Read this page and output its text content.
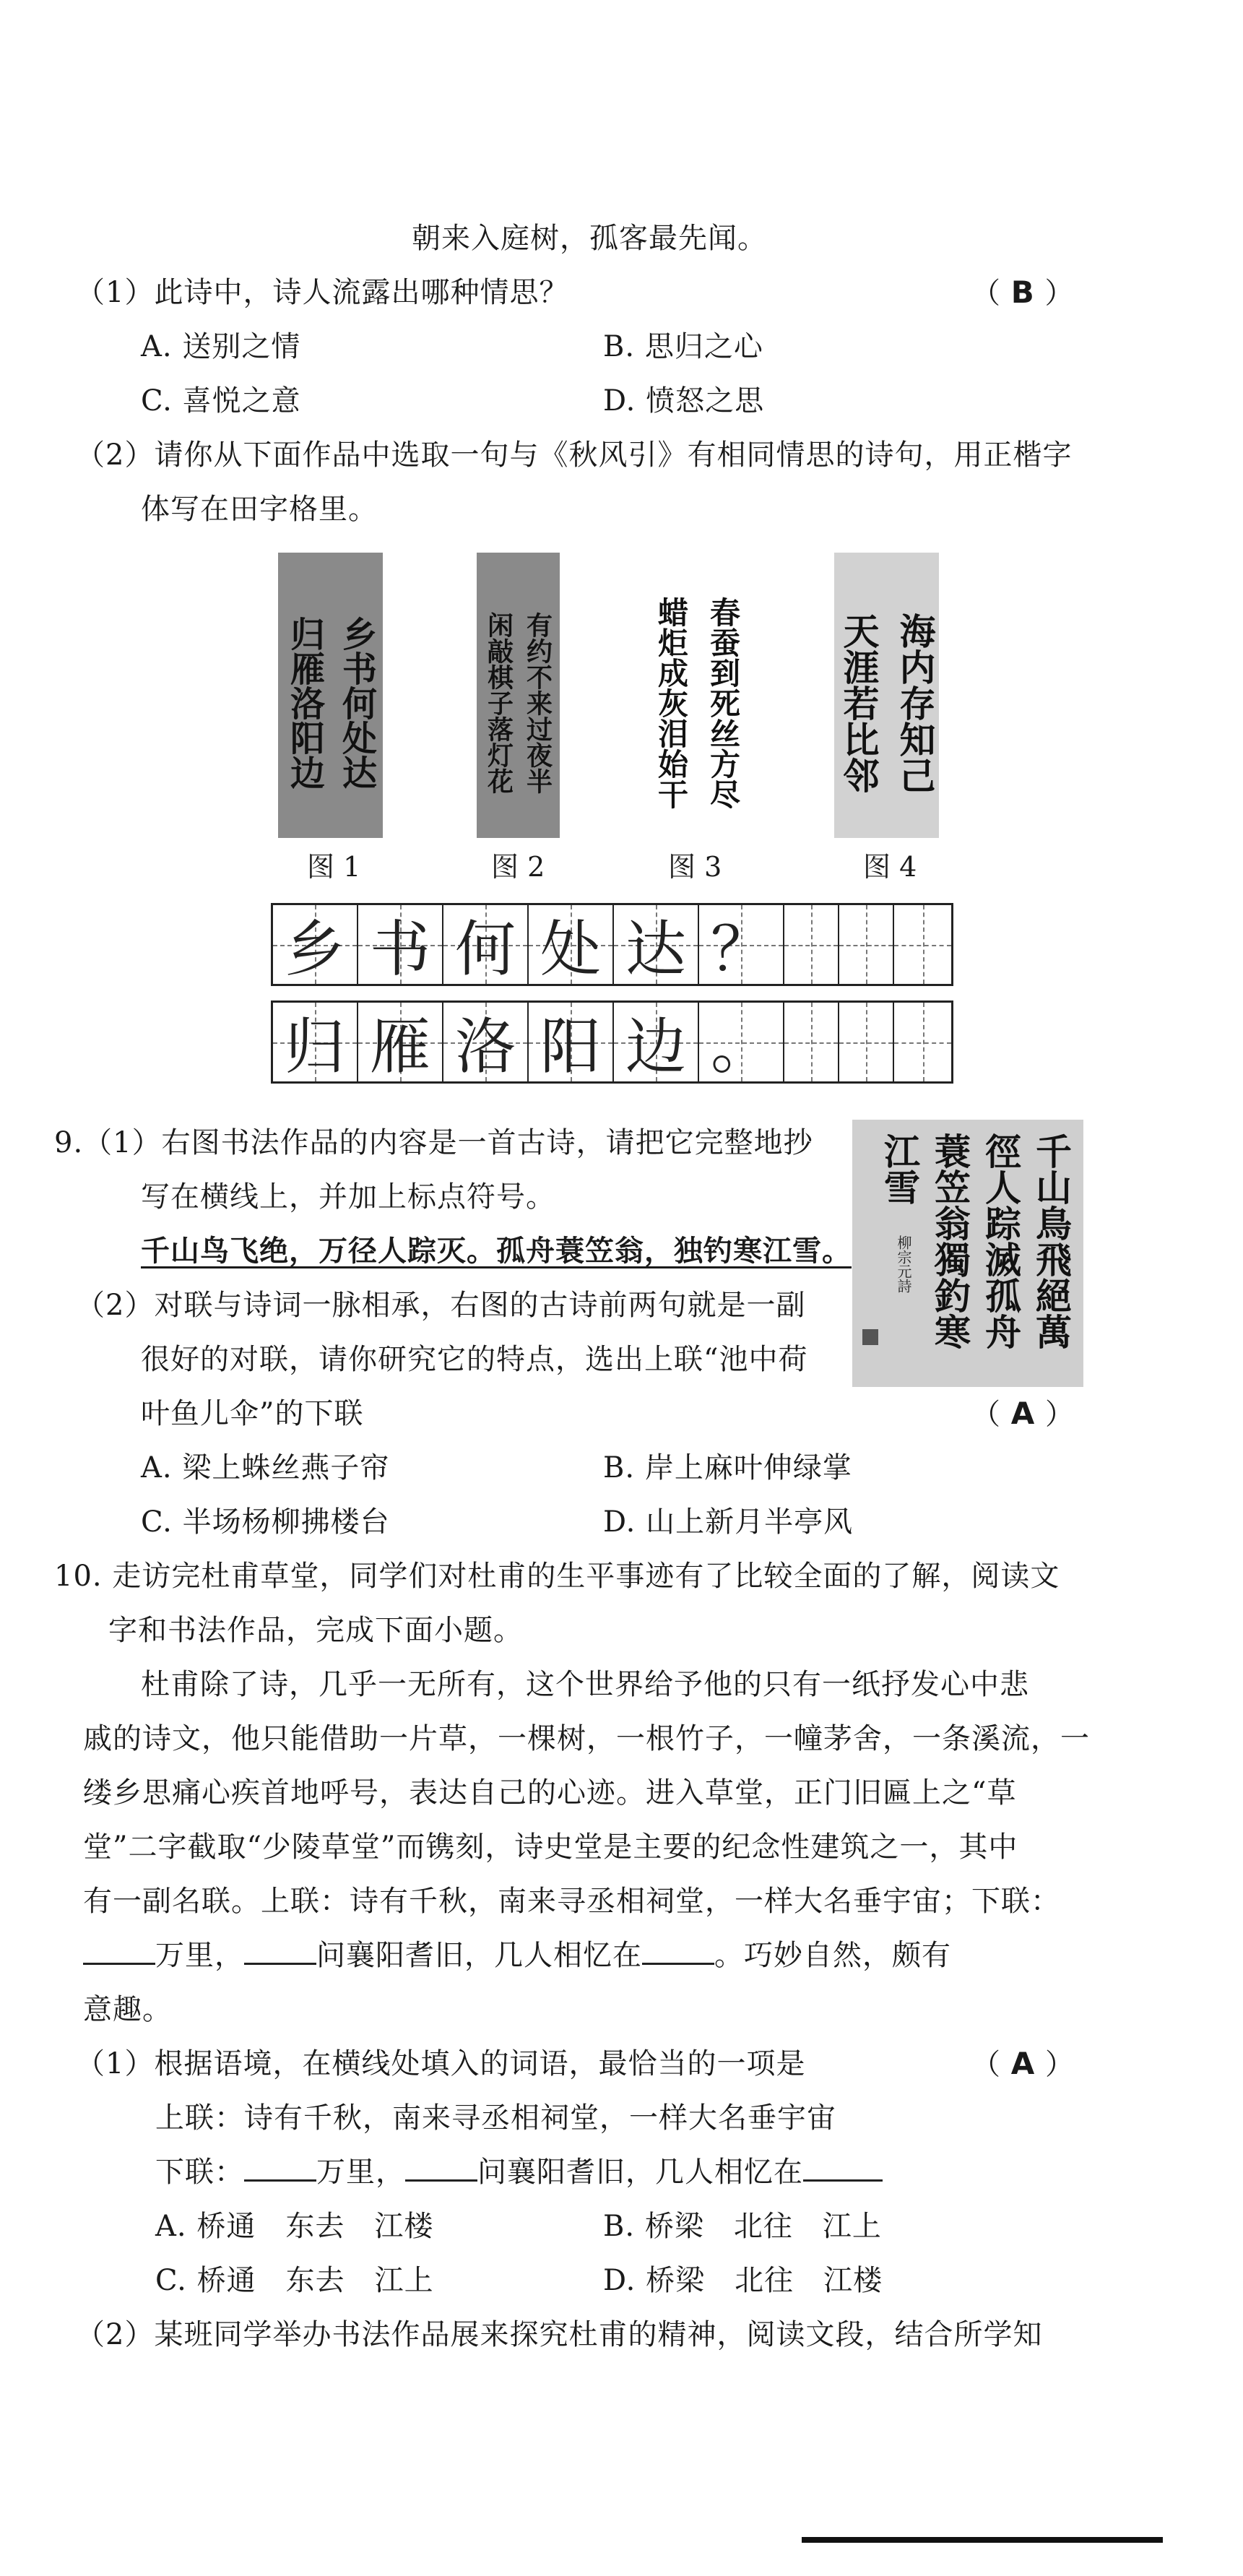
朝来入庭树，孤客最先闻。
（1）此诗中，诗人流露出哪种情思？	（ B ）
A. 送别之情	B. 思归之心
C. 喜悦之意	D. 愤怒之思
（2）请你从下面作品中选取一句与《秋风引》有相同情思的诗句，用正楷字
体写在田字格里。
乡书何处达
归雁洛阳边	有约不来过夜半
闲敲棋子落灯花	春蚕到死丝方尽
蜡炬成灰泪始干	海内存知己
天涯若比邻
图 1	图 2	图 3	图 4
乡 书 何 处 达 ？
归 雁 洛 阳 边 。
9.（1）右图书法作品的内容是一首古诗，请把它完整地抄
写在横线上，并加上标点符号。
千山鸟飞绝，万径人踪灭。孤舟蓑笠翁，独钓寒江雪。
（2）对联与诗词一脉相承，右图的古诗前两句就是一副
很好的对联，请你研究它的特点，选出上联“池中荷
叶鱼儿伞”的下联	（ A ）
A. 梁上蛛丝燕子帘	B. 岸上麻叶伸绿掌
C. 半场杨柳拂楼台	D. 山上新月半亭风
千山鳥飛絕萬
徑人踪滅孤舟
蓑笠翁獨釣寒
江雪
柳宗元詩
10. 走访完杜甫草堂，同学们对杜甫的生平事迹有了比较全面的了解，阅读文
字和书法作品，完成下面小题。
杜甫除了诗，几乎一无所有，这个世界给予他的只有一纸抒发心中悲
戚的诗文，他只能借助一片草，一棵树，一根竹子，一幢茅舍，一条溪流，一
缕乡思痛心疾首地呼号，表达自己的心迹。进入草堂，正门旧匾上之“草
堂”二字截取“少陵草堂”而镌刻，诗史堂是主要的纪念性建筑之一，其中
有一副名联。上联：诗有千秋，南来寻丞相祠堂，一样大名垂宇宙；下联：
万里，	问襄阳耆旧，几人相忆在	。巧妙自然，颇有
意趣。
（1）根据语境，在横线处填入的词语，最恰当的一项是	（ A ）
上联：诗有千秋，南来寻丞相祠堂，一样大名垂宇宙
下联：	万里，	问襄阳耆旧，几人相忆在
A. 桥通　东去　江楼	B. 桥梁　北往　江上
C. 桥通　东去　江上	D. 桥梁　北往　江楼
（2）某班同学举办书法作品展来探究杜甫的精神，阅读文段，结合所学知
